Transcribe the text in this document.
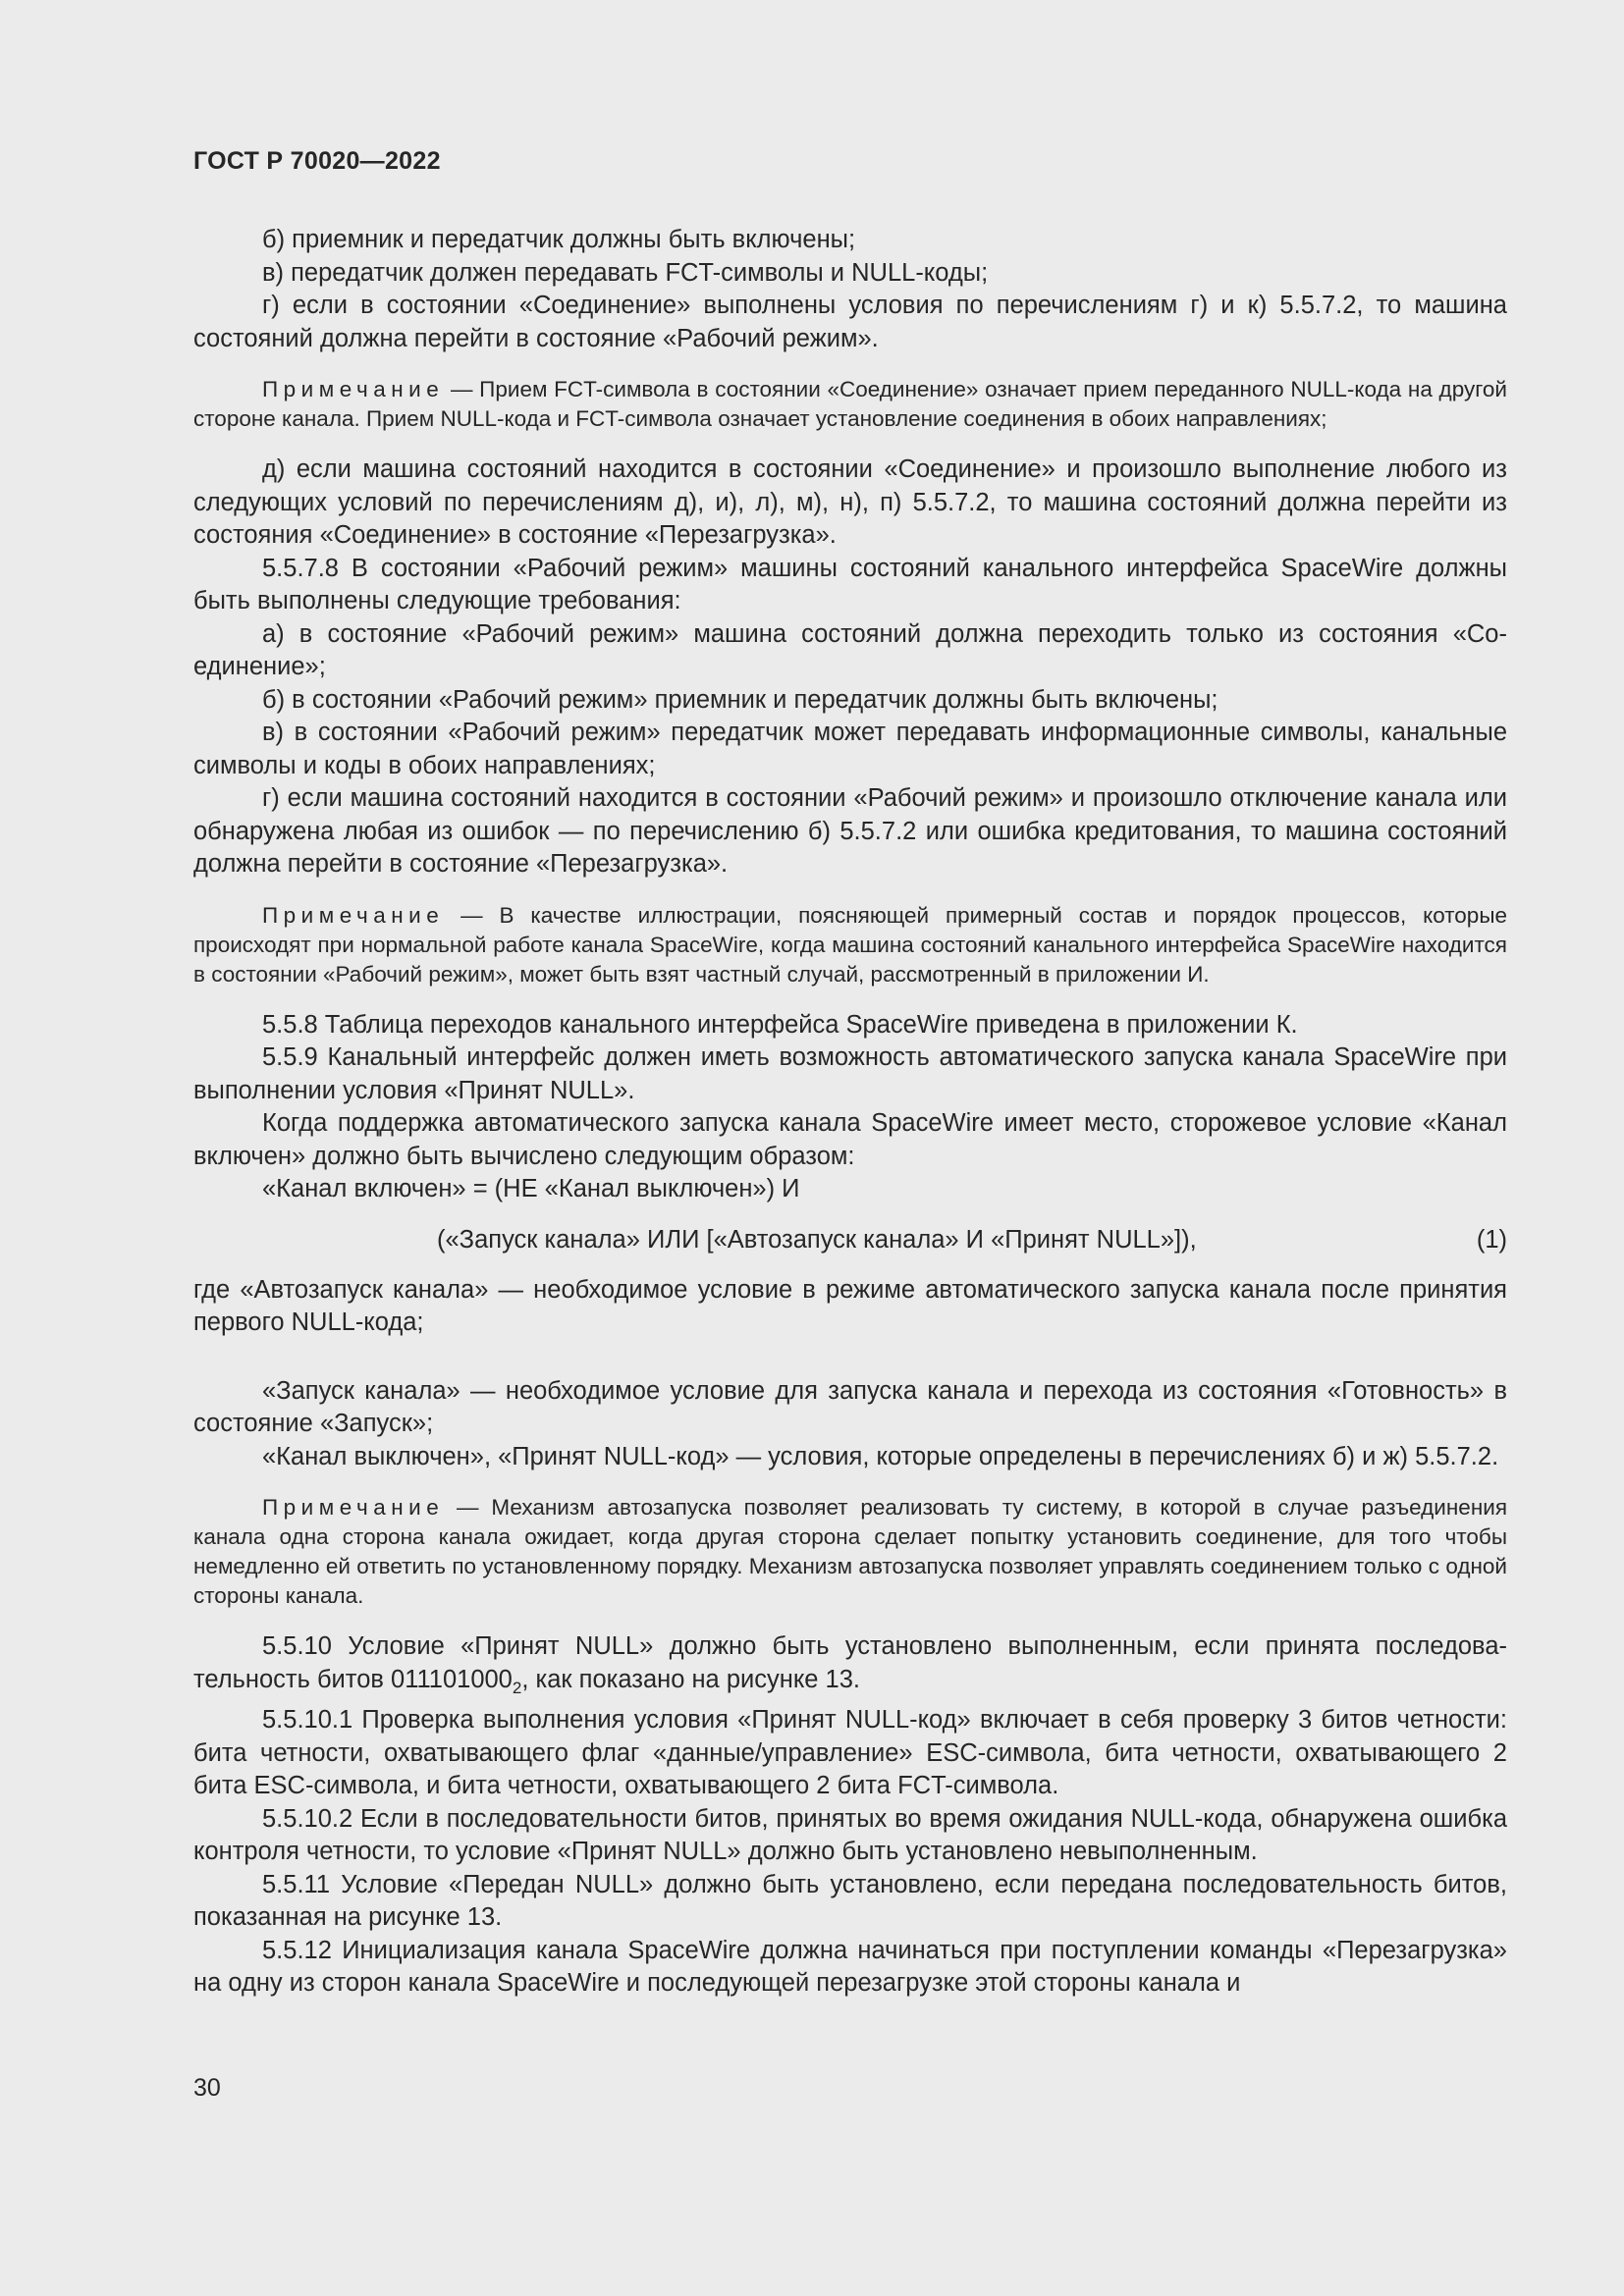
ГОСТ Р 70020—2022

б) приемник и передатчик должны быть включены;

в) передатчик должен передавать FCT-символы и NULL-коды;

г) если в состоянии «Соединение» выполнены условия по перечислениям г) и к) 5.5.7.2, то машина состояний должна перейти в состояние «Рабочий режим».

Примечание — Прием FCT-символа в состоянии «Соединение» означает прием переданного NULL-кода на другой стороне канала. Прием NULL-кода и FCT-символа означает установление соединения в обоих направлениях;

д) если машина состояний находится в состоянии «Соединение» и произошло выполнение любого из следующих условий по перечислениям д), и), л), м), н), п) 5.5.7.2, то машина состояний должна перейти из состояния «Соединение» в состояние «Перезагрузка».

5.5.7.8 В состоянии «Рабочий режим» машины состояний канального интерфейса SpaceWire должны быть выполнены следующие требования:

а) в состояние «Рабочий режим» машина состояний должна переходить только из состояния «Соединение»;

б) в состоянии «Рабочий режим» приемник и передатчик должны быть включены;

в) в состоянии «Рабочий режим» передатчик может передавать информационные символы, канальные символы и коды в обоих направлениях;

г) если машина состояний находится в состоянии «Рабочий режим» и произошло отключение канала или обнаружена любая из ошибок — по перечислению б) 5.5.7.2 или ошибка кредитования, то машина состояний должна перейти в состояние «Перезагрузка».

Примечание — В качестве иллюстрации, поясняющей примерный состав и порядок процессов, которые происходят при нормальной работе канала SpaceWire, когда машина состояний канального интерфейса SpaceWire находится в состоянии «Рабочий режим», может быть взят частный случай, рассмотренный в приложении И.

5.5.8 Таблица переходов канального интерфейса SpaceWire приведена в приложении К.

5.5.9 Канальный интерфейс должен иметь возможность автоматического запуска канала SpaceWire при выполнении условия «Принят NULL».

Когда поддержка автоматического запуска канала SpaceWire имеет место, сторожевое условие «Канал включен» должно быть вычислено следующим образом:

«Канал включен» = (НЕ «Канал выключен») И

(«Запуск канала» ИЛИ [«Автозапуск канала» И «Принят NULL»]),	(1)

где «Автозапуск канала» — необходимое условие в режиме автоматического запуска канала после принятия первого NULL-кода;

«Запуск канала» — необходимое условие для запуска канала и перехода из состояния «Готовность» в состояние «Запуск»;

«Канал выключен», «Принят NULL-код» — условия, которые определены в перечислениях б) и ж) 5.5.7.2.

Примечание — Механизм автозапуска позволяет реализовать ту систему, в которой в случае разъединения канала одна сторона канала ожидает, когда другая сторона сделает попытку установить соединение, для того чтобы немедленно ей ответить по установленному порядку. Механизм автозапуска позволяет управлять соединением только с одной стороны канала.

5.5.10 Условие «Принят NULL» должно быть установлено выполненным, если принята последовательность битов $011101000_2$, как показано на рисунке 13.

5.5.10.1 Проверка выполнения условия «Принят NULL-код» включает в себя проверку 3 битов четности: бита четности, охватывающего флаг «данные/управление» ESC-символа, бита четности, охватывающего 2 бита ESC-символа, и бита четности, охватывающего 2 бита FCT-символа.

5.5.10.2 Если в последовательности битов, принятых во время ожидания NULL-кода, обнаружена ошибка контроля четности, то условие «Принят NULL» должно быть установлено невыполненным.

5.5.11 Условие «Передан NULL» должно быть установлено, если передана последовательность битов, показанная на рисунке 13.

5.5.12 Инициализация канала SpaceWire должна начинаться при поступлении команды «Перезагрузка» на одну из сторон канала SpaceWire и последующей перезагрузке этой стороны канала и

30
